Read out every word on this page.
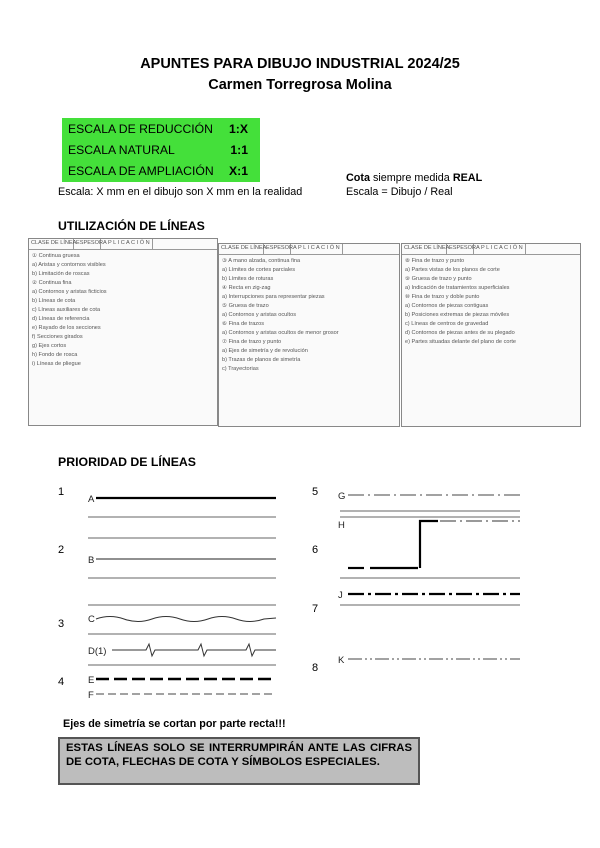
APUNTES PARA DIBUJO INDUSTRIAL 2024/25
Carmen Torregrosa Molina
ESCALA DE REDUCCIÓN 1:X
ESCALA NATURAL	1:1
ESCALA DE AMPLIACIÓN X:1
Escala: X mm en el dibujo son X mm en la realidad
Cota siempre medida REAL
Escala = Dibujo / Real
UTILIZACIÓN DE LÍNEAS
CLASE DE LÍNEA ESPESOR A P L I C A C I Ó N
① Continua gruesa
a) Aristas y contornos visibles
b) Limitación de roscas
② Continua fina
a) Contornos y aristas ficticios
b) Líneas de cota
c) Líneas auxiliares de cota
d) Líneas de referencia
e) Rayado de los secciones
f) Secciones girados
g) Ejes cortos
h) Fondo de rosca
i) Líneas de pliegue
CLASE DE LÍNEA ESPESOR A P L I C A C I Ó N
③ A mano alzada, continua fina
a) Límites de cortes parciales
b) Límites de roturas
④ Recta en zig-zag
a) Interrupciones para representar piezas
⑤ Gruesa de trazo
a) Contornos y aristas ocultos
⑥ Fina de trazos
a) Contornos y aristas ocultos de menor grosor
⑦ Fina de trazo y punto
a) Ejes de simetría y de revolución
b) Trazas de planos de simetría
c) Trayectorias
CLASE DE LÍNEA ESPESOR A P L I C A C I Ó N
⑧ Fina de trazo y punto
a) Partes vistas de los planos de corte
⑨ Gruesa de trazo y punto
a) Indicación de tratamientos superficiales
⑩ Fina de trazo y doble punto
a) Contornos de piezas contiguas
b) Posiciones extremas de piezas móviles
c) Líneas de centros de gravedad
d) Contornos de piezas antes de su plegado
e) Partes situadas delante del plano de corte
PRIORIDAD DE LÍNEAS
1
2
3
4
5
6
7
8
A
B
C
D(1)
E
F
G
H
J
K
Ejes de simetría se cortan por parte recta!!!
ESTAS LÍNEAS SOLO SE INTERRUMPIRÁN ANTE LAS CIFRAS DE COTA, FLECHAS DE COTA Y SÍMBOLOS ESPECIALES.
